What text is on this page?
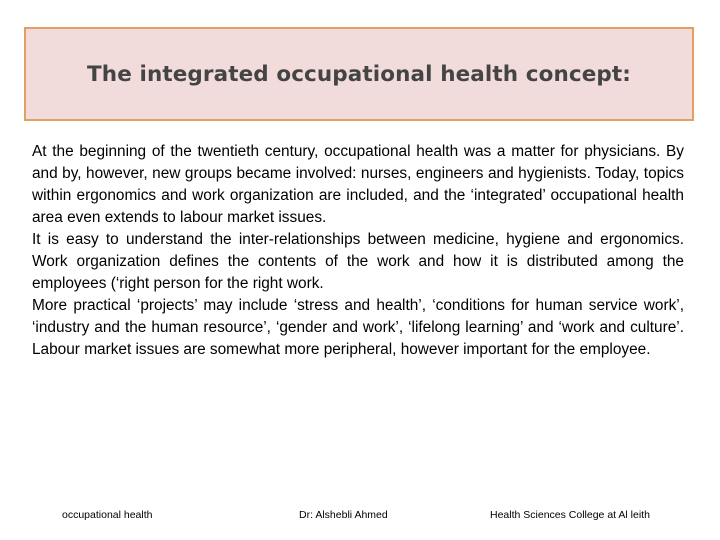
The integrated occupational health concept:

At the beginning of the twentieth century, occupational health was a matter for physicians. By and by, however, new groups became involved: nurses, engineers and hygienists. Today, topics within ergonomics and work organization are included, and the ‘integrated’ occupational health area even extends to labour market issues.

It is easy to understand the inter-relationships between medicine, hygiene and ergonomics. Work organization defines the contents of the work and how it is distributed among the employees (‘right person for the right work.

More practical ‘projects’ may include ‘stress and health’, ‘conditions for human service work’, ‘industry and the human resource’, ‘gender and work’, ‘lifelong learning’ and ‘work and culture’. Labour market issues are somewhat more peripheral, however important for the employee.

occupational health	Dr: Alshebli Ahmed	Health Sciences College at Al leith
